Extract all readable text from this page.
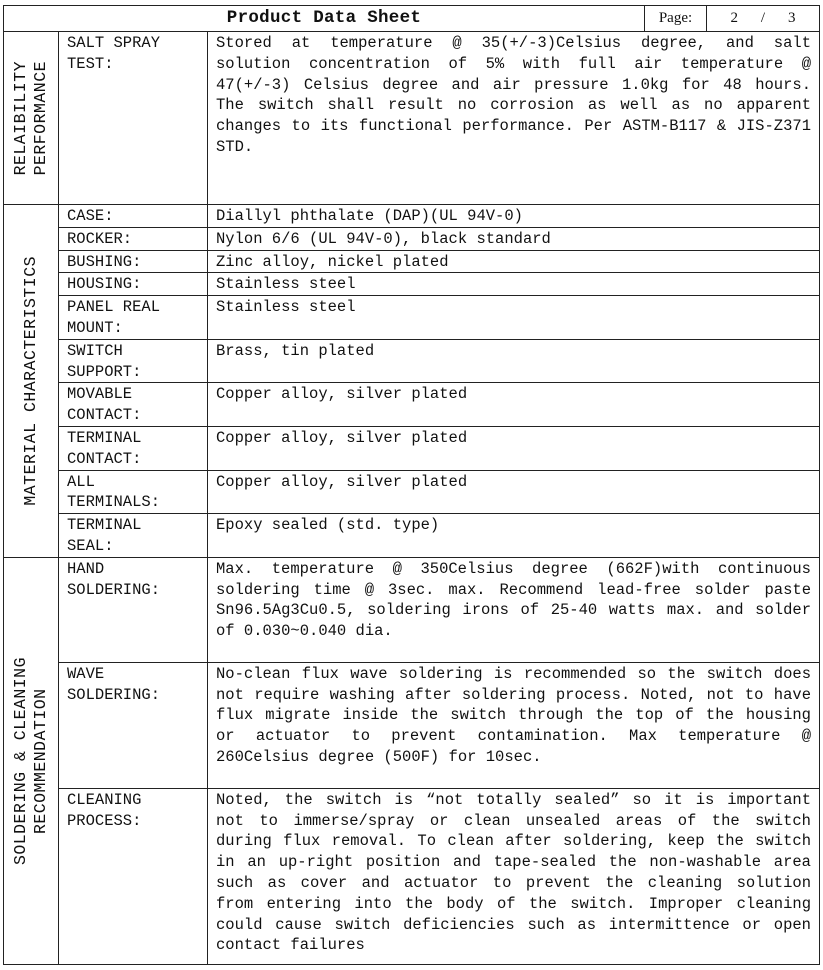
Product Data Sheet			Page:	2 / 3

RELAIBILITY PERFORMANCE	SALT SPRAY
TEST:	Stored at temperature @ 35(+/-3)Celsius degree, and salt solution concentration of 5% with full air temperature @ 47(+/-3) Celsius degree and air pressure 1.0kg for 48 hours. The switch shall result no corrosion as well as no apparent changes to its functional performance. Per ASTM-B117 & JIS-Z371 STD.		

MATERIAL CHARACTERISTICS	CASE:	Diallyl phthalate (DAP)(UL 94V-0)		

	ROCKER:	Nylon 6/6 (UL 94V-0), black standard		

	BUSHING:	Zinc alloy, nickel plated		

	HOUSING:	Stainless steel		

	PANEL REAL
MOUNT:	Stainless steel		

	SWITCH
SUPPORT:	Brass, tin plated		

	MOVABLE
CONTACT:	Copper alloy, silver plated		

	TERMINAL
CONTACT:	Copper alloy, silver plated		

	ALL
TERMINALS:	Copper alloy, silver plated		

	TERMINAL
SEAL:	Epoxy sealed (std. type)		

SOLDERING & CLEANING RECOMMENDATION	HAND
SOLDERING:	Max. temperature @ 350Celsius degree (662F)with continuous soldering time @ 3sec. max. Recommend lead-free solder paste Sn96.5Ag3Cu0.5, soldering irons of 25-40 watts max. and solder of 0.030~0.040 dia.		

	WAVE
SOLDERING:	No-clean flux wave soldering is recommended so the switch does not require washing after soldering process. Noted, not to have flux migrate inside the switch through the top of the housing or actuator to prevent contamination. Max temperature @ 260Celsius degree (500F) for 10sec.		

	CLEANING
PROCESS:	Noted, the switch is “not totally sealed” so it is important not to immerse/spray or clean unsealed areas of the switch during flux removal. To clean after soldering, keep the switch in an up-right position and tape-sealed the non-washable area such as cover and actuator to prevent the cleaning solution from entering into the body of the switch. Improper cleaning could cause switch deficiencies such as intermittence or open contact failures		
